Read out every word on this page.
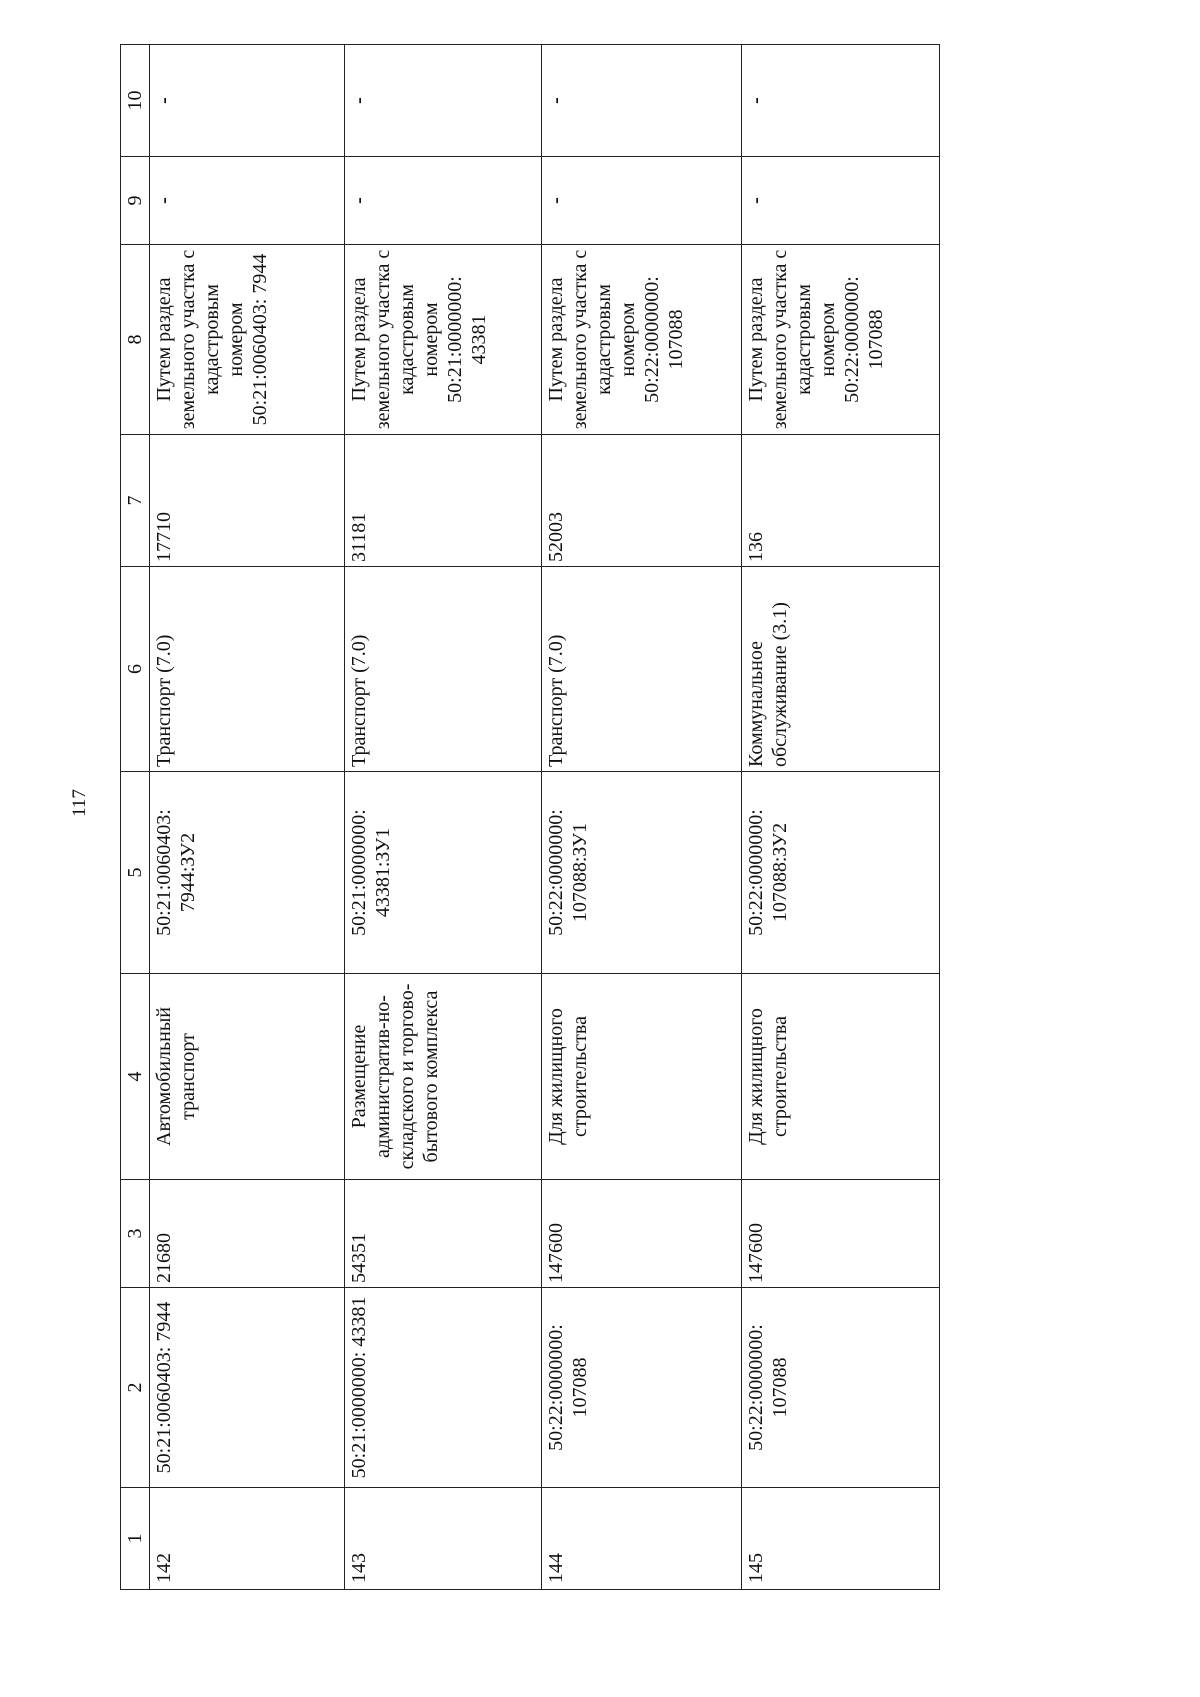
117
1	2	3	4	5	6	7	8	9	10
142	50:21:0060403: 7944	21680	Автомобильный транспорт	50:21:0060403: 7944:ЗУ2	Транспорт (7.0)	17710	Путем раздела земельного участка с кадастровым номером 50:21:0060403: 7944	-	-
143	50:21:0000000: 43381	54351	Размещение административ-но-складского и торгово-бытового комплекса	50:21:0000000: 43381:ЗУ1	Транспорт (7.0)	31181	Путем раздела земельного участка с кадастровым номером 50:21:0000000: 43381	-	-
144	50:22:0000000: 107088	147600	Для жилищного строительства	50:22:0000000: 107088:ЗУ1	Транспорт (7.0)	52003	Путем раздела земельного участка с кадастровым номером 50:22:0000000: 107088	-	-
145	50:22:0000000: 107088	147600	Для жилищного строительства	50:22:0000000: 107088:ЗУ2	Коммунальное обслуживание (3.1)	136	Путем раздела земельного участка с кадастровым номером 50:22:0000000: 107088	-	-
